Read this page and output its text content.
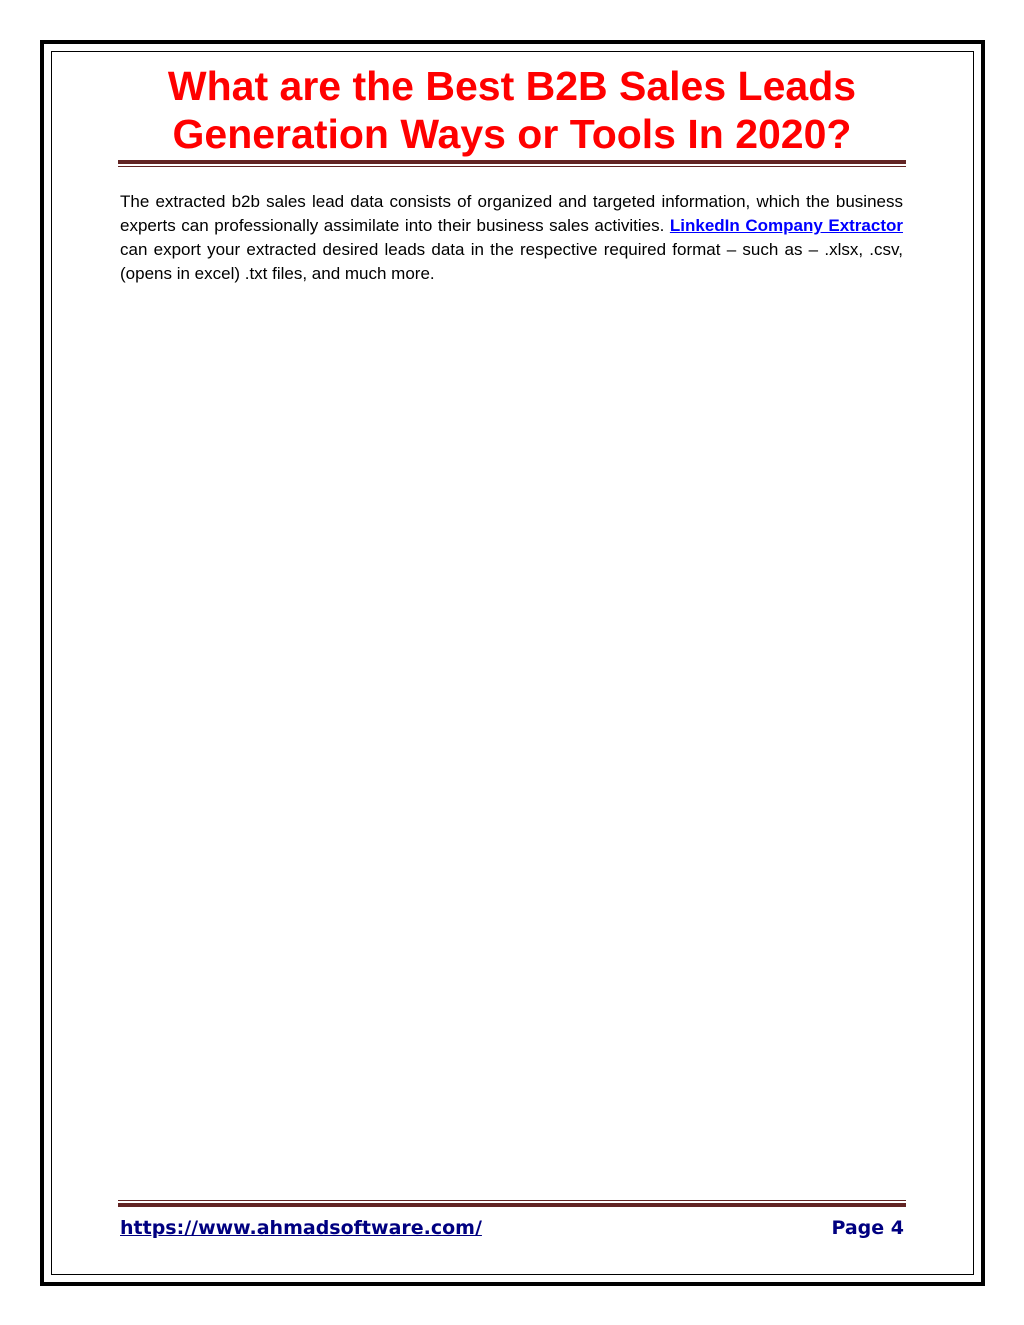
What are the Best B2B Sales Leads
Generation Ways or Tools In 2020?

The extracted b2b sales lead data consists of organized and targeted information, which the business experts can professionally assimilate into their business sales activities. LinkedIn Company Extractor can export your extracted desired leads data in the respective required format – such as – .xlsx, .csv,(opens in excel) .txt files, and much more.

https://www.ahmadsoftware.com/	Page 4
